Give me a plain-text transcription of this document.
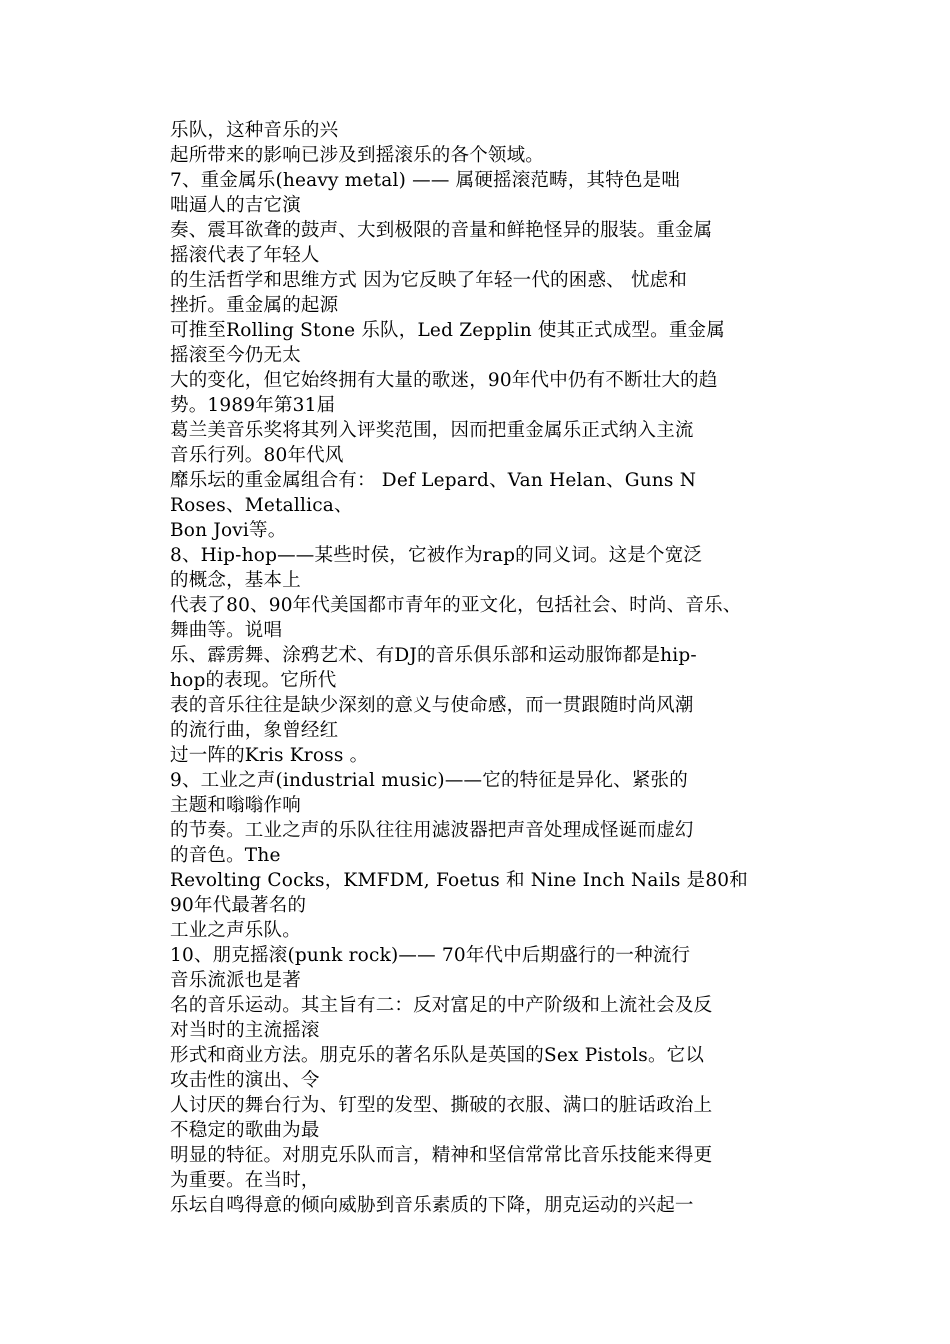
乐队，这种音乐的兴
起所带来的影响已涉及到摇滚乐的各个领域。
7、重金属乐(heavy metal) —— 属硬摇滚范畴，其特色是咄
咄逼人的吉它演
奏、震耳欲聋的鼓声、大到极限的音量和鲜艳怪异的服装。重金属
摇滚代表了年轻人
的生活哲学和思维方式 因为它反映了年轻一代的困惑、 忧虑和
挫折。重金属的起源
可推至Rolling Stone 乐队，Led Zepplin 使其正式成型。重金属
摇滚至今仍无太
大的变化，但它始终拥有大量的歌迷，90年代中仍有不断壮大的趋
势。1989年第31届
葛兰美音乐奖将其列入评奖范围，因而把重金属乐正式纳入主流
音乐行列。80年代风
靡乐坛的重金属组合有： Def Lepard、Van Helan、Guns N
Roses、Metallica、
Bon Jovi等。
8、Hip-hop——某些时侯，它被作为rap的同义词。这是个宽泛
的概念，基本上
代表了80、90年代美国都市青年的亚文化，包括社会、时尚、音乐、
舞曲等。说唱
乐、霹雳舞、涂鸦艺术、有DJ的音乐俱乐部和运动服饰都是hip-
hop的表现。它所代
表的音乐往往是缺少深刻的意义与使命感，而一贯跟随时尚风潮
的流行曲，象曾经红
过一阵的Kris Kross 。
9、工业之声(industrial music)——它的特征是异化、紧张的
主题和嗡嗡作响
的节奏。工业之声的乐队往往用滤波器把声音处理成怪诞而虚幻
的音色。The
Revolting Cocks，KMFDM, Foetus 和 Nine Inch Nails 是80和
90年代最著名的
工业之声乐队。
10、朋克摇滚(punk rock)—— 70年代中后期盛行的一种流行
音乐流派也是著
名的音乐运动。其主旨有二：反对富足的中产阶级和上流社会及反
对当时的主流摇滚
形式和商业方法。朋克乐的著名乐队是英国的Sex Pistols。它以
攻击性的演出、令
人讨厌的舞台行为、钉型的发型、撕破的衣服、满口的脏话政治上
不稳定的歌曲为最
明显的特征。对朋克乐队而言，精神和坚信常常比音乐技能来得更
为重要。在当时，
乐坛自鸣得意的倾向威胁到音乐素质的下降，朋克运动的兴起一
